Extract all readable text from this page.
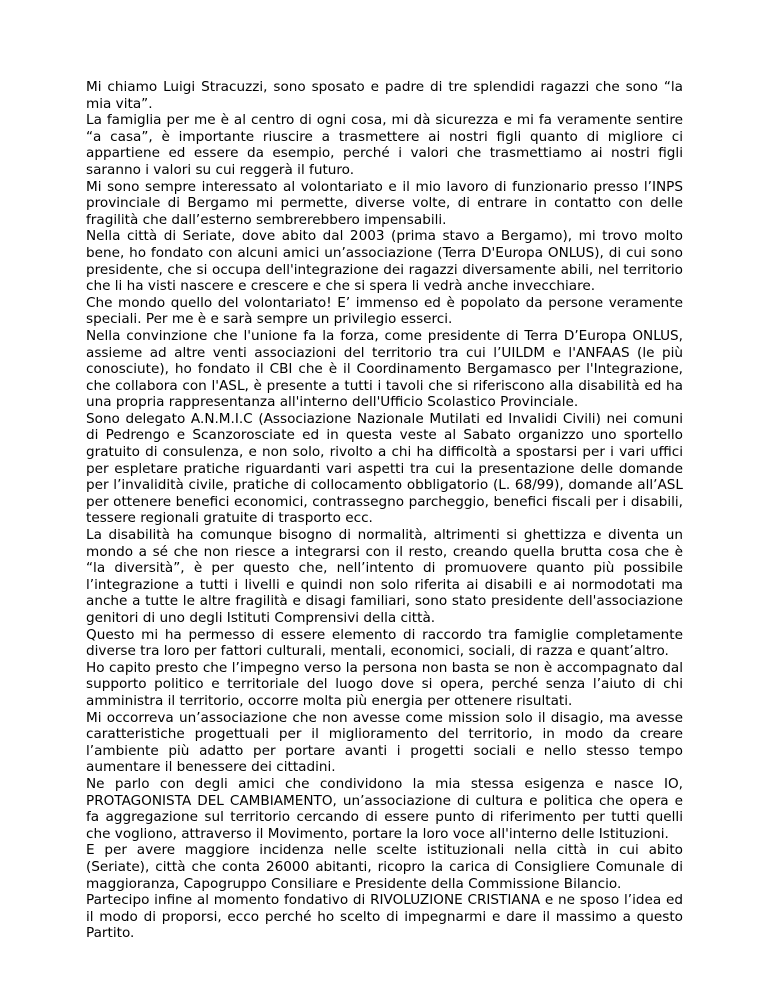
Mi chiamo Luigi Stracuzzi, sono sposato e padre di tre splendidi ragazzi che sono “la mia vita”.

La famiglia per me è al centro di ogni cosa, mi dà sicurezza e mi fa veramente sentire “a casa”, è importante riuscire a trasmettere ai nostri figli quanto di migliore ci appartiene ed essere da esempio, perché i valori che trasmettiamo ai nostri figli saranno i valori su cui reggerà il futuro.

Mi sono sempre interessato al volontariato e il mio lavoro di funzionario presso l’INPS provinciale di Bergamo mi permette, diverse volte, di entrare in contatto con delle fragilità che dall’esterno sembrerebbero impensabili.

Nella città di Seriate, dove abito dal 2003 (prima stavo a Bergamo), mi trovo molto bene, ho fondato con alcuni amici un’associazione (Terra D'Europa ONLUS), di cui sono presidente, che si occupa dell'integrazione dei ragazzi diversamente abili, nel territorio che li ha visti nascere e crescere e che si spera li vedrà anche invecchiare.

Che mondo quello del volontariato! E’ immenso ed è popolato da persone veramente speciali. Per me è e sarà sempre un privilegio esserci.

Nella convinzione che l'unione fa la forza, come presidente di Terra D’Europa ONLUS, assieme ad altre venti associazioni del territorio tra cui l’UILDM e l'ANFAAS (le più conosciute), ho fondato il CBI che è il Coordinamento Bergamasco per l'Integrazione, che collabora con l'ASL, è presente a tutti i tavoli che si riferiscono alla disabilità ed ha una propria rappresentanza all'interno dell'Ufficio Scolastico Provinciale.

Sono delegato A.N.M.I.C (Associazione Nazionale Mutilati ed Invalidi Civili) nei comuni di Pedrengo e Scanzorosciate ed in questa veste al Sabato organizzo uno sportello gratuito di consulenza, e non solo, rivolto a chi ha difficoltà a spostarsi per i vari uffici per espletare pratiche riguardanti vari aspetti tra cui la presentazione delle domande per l’invalidità civile, pratiche di collocamento obbligatorio (L. 68/99), domande all’ASL per ottenere benefici economici, contrassegno parcheggio, benefici fiscali per i disabili, tessere regionali gratuite di trasporto ecc.

La disabilità ha comunque bisogno di normalità, altrimenti si ghettizza e diventa un mondo a sé che non riesce a integrarsi con il resto, creando quella brutta cosa che è “la diversità”, è per questo che, nell’intento di promuovere quanto più possibile l’integrazione a tutti i livelli e quindi non solo riferita ai disabili e ai normodotati ma anche a tutte le altre fragilità e disagi familiari, sono stato presidente dell'associazione genitori di uno degli Istituti Comprensivi della città.

Questo mi ha permesso di essere elemento di raccordo tra famiglie completamente diverse tra loro per fattori culturali, mentali, economici, sociali, di razza e quant’altro.

Ho capito presto che l’impegno verso la persona non basta se non è accompagnato dal supporto politico e territoriale del luogo dove si opera, perché senza l’aiuto di chi amministra il territorio, occorre molta più energia per ottenere risultati.

Mi occorreva un’associazione che non avesse come mission solo il disagio, ma avesse caratteristiche progettuali per il miglioramento del territorio, in modo da creare l’ambiente più adatto per portare avanti i progetti sociali e nello stesso tempo aumentare il benessere dei cittadini.

Ne parlo con degli amici che condividono la mia stessa esigenza e nasce IO, PROTAGONISTA DEL CAMBIAMENTO, un’associazione di cultura e politica che opera e fa aggregazione sul territorio cercando di essere punto di riferimento per tutti quelli che vogliono, attraverso il Movimento, portare la loro voce all'interno delle Istituzioni.

E per avere maggiore incidenza nelle scelte istituzionali nella città in cui abito (Seriate), città che conta 26000 abitanti, ricopro la carica di Consigliere Comunale di maggioranza, Capogruppo Consiliare e Presidente della Commissione Bilancio.

Partecipo infine al momento fondativo di RIVOLUZIONE CRISTIANA e ne sposo l’idea ed il modo di proporsi, ecco perché ho scelto di impegnarmi e dare il massimo a questo Partito.
